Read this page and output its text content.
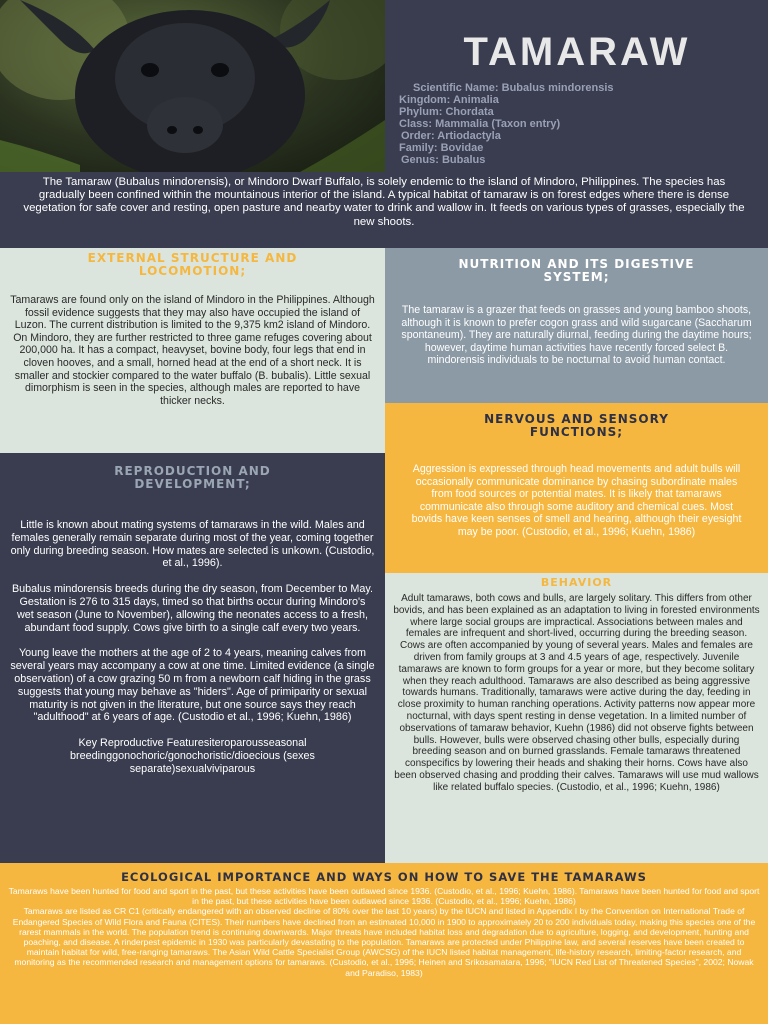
TAMARAW
Scientific Name: Bubalus mindorensis
Kingdom: Animalia
Phylum: Chordata
Class: Mammalia (Taxon entry)
Order: Artiodactyla
Family: Bovidae
Genus: Bubalus
The Tamaraw (Bubalus mindorensis), or Mindoro Dwarf Buffalo, is solely endemic to the island of Mindoro, Philippines. The species has gradually been confined within the mountainous interior of the island. A typical habitat of tamaraw is on forest edges where there is dense vegetation for safe cover and resting, open pasture and nearby water to drink and wallow in. It feeds on various types of grasses, especially the new shoots.
EXTERNAL STRUCTURE AND LOCOMOTION;
Tamaraws are found only on the island of Mindoro in the Philippines. Although fossil evidence suggests that they may also have occupied the island of Luzon. The current distribution is limited to the 9,375 km2 island of Mindoro. On Mindoro, they are further restricted to three game refuges covering about 200,000 ha. It has a compact, heavyset, bovine body, four legs that end in cloven hooves, and a small, horned head at the end of a short neck. It is smaller and stockier compared to the water buffalo (B. bubalis). Little sexual dimorphism is seen in the species, although males are reported to have thicker necks.
NUTRITION AND ITS DIGESTIVE SYSTEM;
The tamaraw is a grazer that feeds on grasses and young bamboo shoots, although it is known to prefer cogon grass and wild sugarcane (Saccharum spontaneum). They are naturally diurnal, feeding during the daytime hours; however, daytime human activities have recently forced select B. mindorensis individuals to be nocturnal to avoid human contact.
NERVOUS AND SENSORY FUNCTIONS;
Aggression is expressed through head movements and adult bulls will occasionally communicate dominance by chasing subordinate males from food sources or potential mates. It is likely that tamaraws communicate also through some auditory and chemical cues. Most bovids have keen senses of smell and hearing, although their eyesight may be poor. (Custodio, et al., 1996; Kuehn, 1986)
REPRODUCTION AND DEVELOPMENT;

Little is known about mating systems of tamaraws in the wild. Males and females generally remain separate during most of the year, coming together only during breeding season. How mates are selected is unkown. (Custodio, et al., 1996).

Bubalus mindorensis breeds during the dry season, from December to May. Gestation is 276 to 315 days, timed so that births occur during Mindoro's wet season (June to November), allowing the neonates access to a fresh, abundant food supply. Cows give birth to a single calf every two years.

Young leave the mothers at the age of 2 to 4 years, meaning calves from several years may accompany a cow at one time. Limited evidence (a single observation) of a cow grazing 50 m from a newborn calf hiding in the grass suggests that young may behave as "hiders". Age of primiparity or sexual maturity is not given in the literature, but one source says they reach "adulthood" at 6 years of age. (Custodio et al., 1996; Kuehn, 1986)

Key Reproductive Featuresiteroparousseasonal breedinggonochoric/gonochoristic/dioecious (sexes separate)sexualviviparous

BEHAVIOR
Adult tamaraws, both cows and bulls, are largely solitary. This differs from other bovids, and has been explained as an adaptation to living in forested environments where large social groups are impractical. Associations between males and females are infrequent and short-lived, occurring during the breeding season. Cows are often accompanied by young of several years. Males and females are driven from family groups at 3 and 4.5 years of age, respectively. Juvenile tamaraws are known to form groups for a year or more, but they become solitary when they reach adulthood. Tamaraws are also described as being aggressive towards humans. Traditionally, tamaraws were active during the day, feeding in close proximity to human ranching operations. Activity patterns now appear more nocturnal, with days spent resting in dense vegetation. In a limited number of observations of tamaraw behavior, Kuehn (1986) did not observe fights between bulls. However, bulls were observed chasing other bulls, especially during breeding season and on burned grasslands. Female tamaraws threatened conspecifics by lowering their heads and shaking their horns. Cows have also been observed chasing and prodding their calves. Tamaraws will use mud wallows like related buffalo species. (Custodio, et al., 1996; Kuehn, 1986)
ECOLOGICAL IMPORTANCE AND WAYS ON HOW TO SAVE THE TAMARAWS

Tamaraws have been hunted for food and sport in the past, but these activities have been outlawed since 1936. (Custodio, et al., 1996; Kuehn, 1986). Tamaraws have been hunted for food and sport in the past, but these activities have been outlawed since 1936. (Custodio, et al., 1996; Kuehn, 1986)

Tamaraws are listed as CR C1 (critically endangered with an observed decline of 80% over the last 10 years) by the IUCN and listed in Appendix I by the Convention on International Trade of Endangered Species of Wild Flora and Fauna (CITES). Their numbers have declined from an estimated 10,000 in 1900 to approximately 20 to 200 individuals today, making this species one of the rarest mammals in the world. The population trend is continuing downwards. Major threats have included habitat loss and degradation due to agriculture, logging, and development, hunting and poaching, and disease. A rinderpest epidemic in 1930 was particularly devastating to the population. Tamaraws are protected under Philippine law, and several reserves have been created to maintain habitat for wild, free-ranging tamaraws. The Asian Wild Cattle Specialist Group (AWCSG) of the IUCN listed habitat management, life-history research, limiting-factor research, and monitoring as the recommended research and management options for tamaraws. (Custodio, et al., 1996; Heinen and Srikosamatara, 1996; "IUCN Red List of Threatened Species", 2002; Nowak and Paradiso, 1983)
